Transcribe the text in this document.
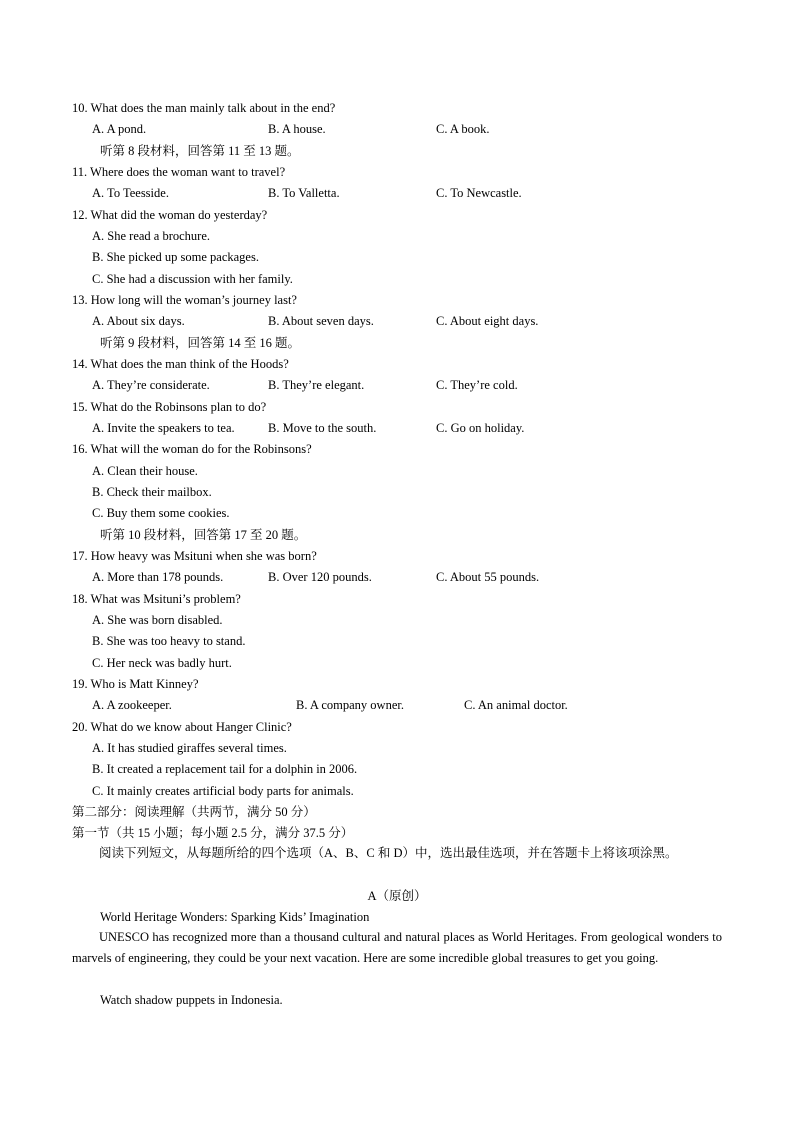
10. What does the man mainly talk about in the end?
A. A pond.	B. A house.	C. A book.
听第 8 段材料，回答第 11 至 13 题。
11. Where does the woman want to travel?
A. To Teesside.	B. To Valletta.	C. To Newcastle.
12. What did the woman do yesterday?
A. She read a brochure.
B. She picked up some packages.
C. She had a discussion with her family.
13. How long will the woman’s journey last?
A. About six days.	B. About seven days.	C. About eight days.
听第 9 段材料，回答第 14 至 16 题。
14. What does the man think of the Hoods?
A. They’re considerate.	B. They’re elegant.	C. They’re cold.
15. What do the Robinsons plan to do?
A. Invite the speakers to tea.	B. Move to the south.	C. Go on holiday.
16. What will the woman do for the Robinsons?
A. Clean their house.
B. Check their mailbox.
C. Buy them some cookies.
听第 10 段材料，回答第 17 至 20 题。
17. How heavy was Msituni when she was born?
A. More than 178 pounds.	B. Over 120 pounds.	C. About 55 pounds.
18. What was Msituni’s problem?
A. She was born disabled.
B. She was too heavy to stand.
C. Her neck was badly hurt.
19. Who is Matt Kinney?
A. A zookeeper.	B. A company owner.	C. An animal doctor.
20. What do we know about Hanger Clinic?
A. It has studied giraffes several times.
B. It created a replacement tail for a dolphin in 2006.
C. It mainly creates artificial body parts for animals.
第二部分：阅读理解（共两节，满分 50 分）
第一节（共 15 小题；每小题 2.5 分，满分 37.5 分）
阅读下列短文，从每题所给的四个选项（A、B、C 和 D）中，选出最佳选项，并在答题卡上将该项涂黑。
A（原创）
World Heritage Wonders: Sparking Kids’ Imagination
UNESCO has recognized more than a thousand cultural and natural places as World Heritages. From geological wonders to marvels of engineering, they could be your next vacation. Here are some incredible global treasures to get you going.
Watch shadow puppets in Indonesia.
